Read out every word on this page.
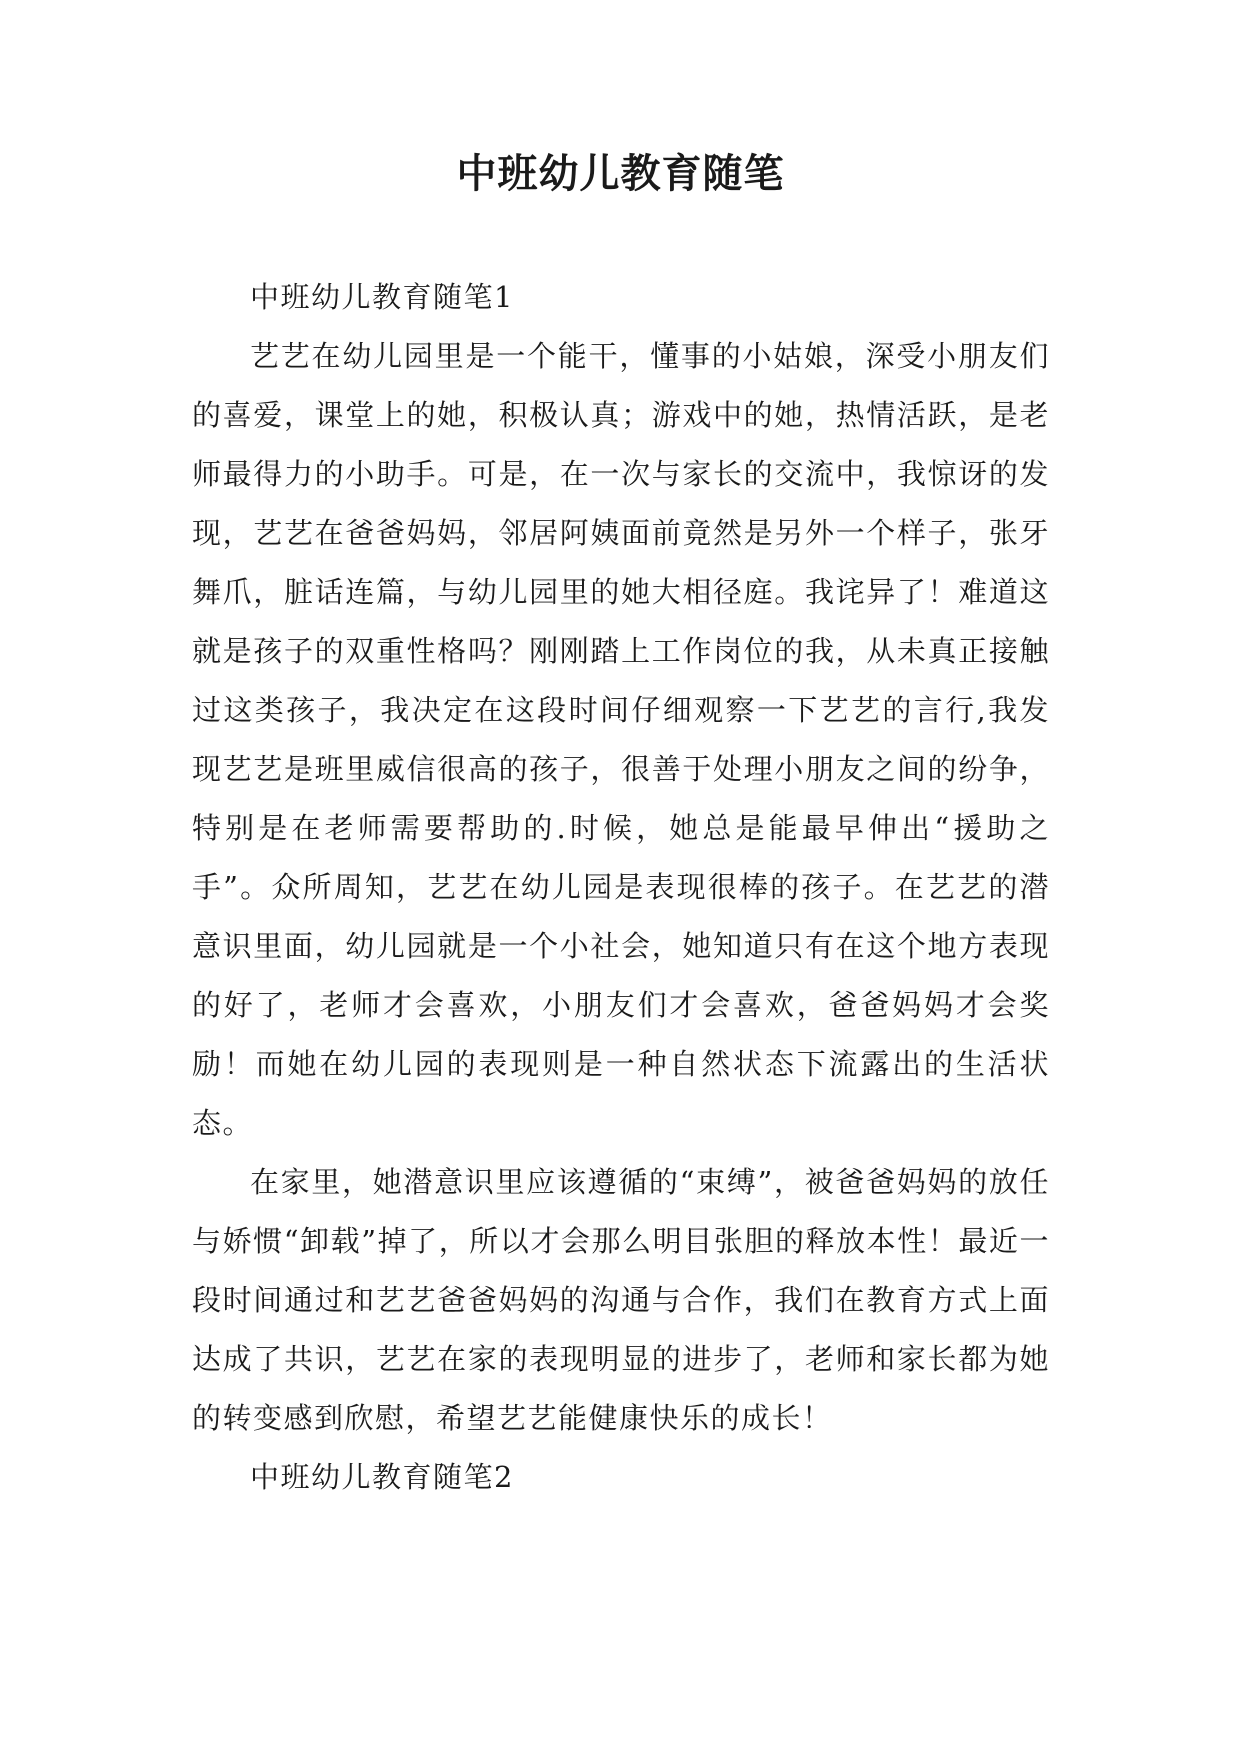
中班幼儿教育随笔

中班幼儿教育随笔1

艺艺在幼儿园里是一个能干，懂事的小姑娘，深受小朋友们的喜爱，课堂上的她，积极认真；游戏中的她，热情活跃，是老师最得力的小助手。可是，在一次与家长的交流中，我惊讶的发现，艺艺在爸爸妈妈，邻居阿姨面前竟然是另外一个样子，张牙舞爪，脏话连篇，与幼儿园里的她大相径庭。我诧异了！难道这就是孩子的双重性格吗？刚刚踏上工作岗位的我，从未真正接触过这类孩子，我决定在这段时间仔细观察一下艺艺的言行,我发现艺艺是班里威信很高的孩子，很善于处理小朋友之间的纷争，特别是在老师需要帮助的.时候，她总是能最早伸出“援助之手”。众所周知，艺艺在幼儿园是表现很棒的孩子。在艺艺的潜意识里面，幼儿园就是一个小社会，她知道只有在这个地方表现的好了，老师才会喜欢，小朋友们才会喜欢，爸爸妈妈才会奖励！而她在幼儿园的表现则是一种自然状态下流露出的生活状态。

在家里，她潜意识里应该遵循的“束缚”，被爸爸妈妈的放任与娇惯“卸载”掉了，所以才会那么明目张胆的释放本性！最近一段时间通过和艺艺爸爸妈妈的沟通与合作，我们在教育方式上面达成了共识，艺艺在家的表现明显的进步了，老师和家长都为她的转变感到欣慰，希望艺艺能健康快乐的成长！

中班幼儿教育随笔2
